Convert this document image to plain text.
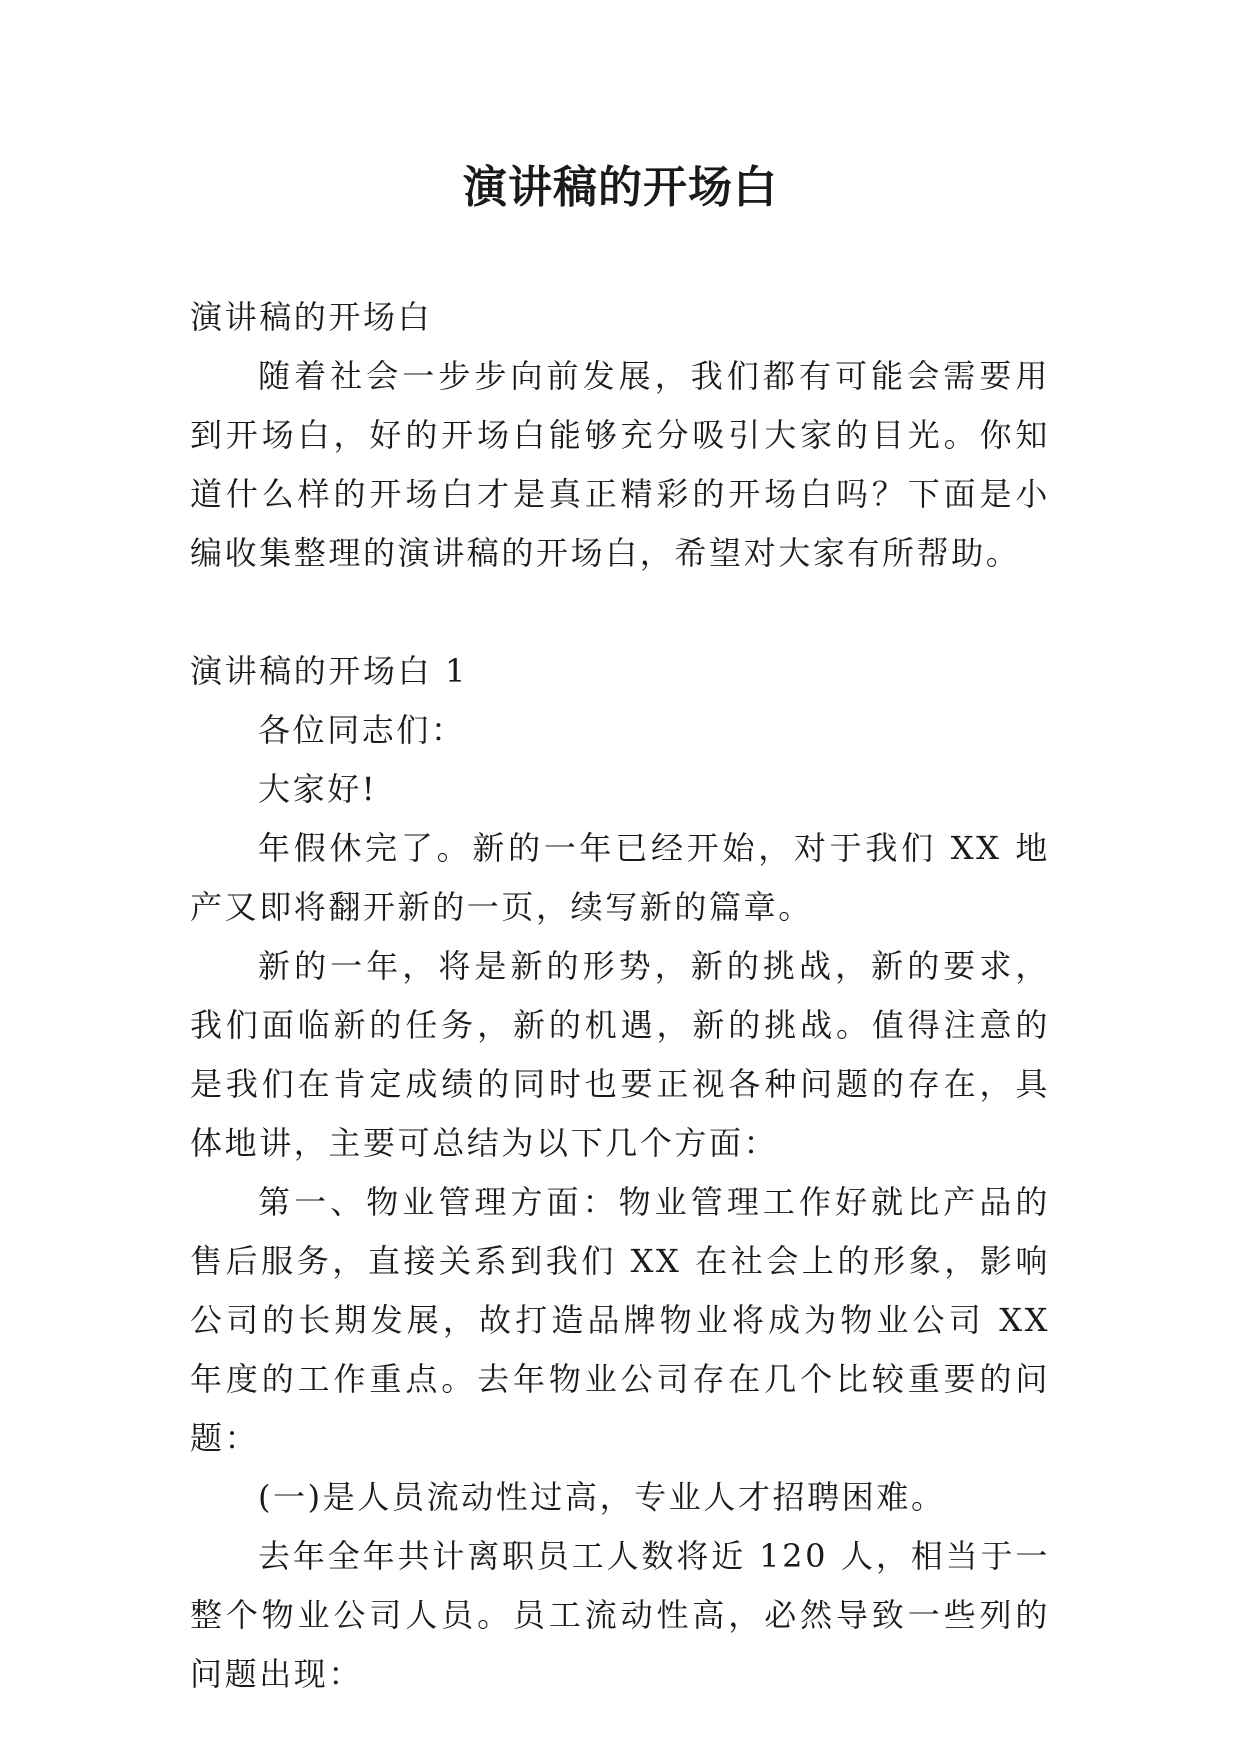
演讲稿的开场白

演讲稿的开场白

随着社会一步步向前发展，我们都有可能会需要用到开场白，好的开场白能够充分吸引大家的目光。你知道什么样的开场白才是真正精彩的开场白吗？下面是小编收集整理的演讲稿的开场白，希望对大家有所帮助。

演讲稿的开场白 1

各位同志们：

大家好!

年假休完了。新的一年已经开始，对于我们 XX 地产又即将翻开新的一页，续写新的篇章。

新的一年，将是新的形势，新的挑战，新的要求，我们面临新的任务，新的机遇，新的挑战。值得注意的是我们在肯定成绩的同时也要正视各种问题的存在，具体地讲，主要可总结为以下几个方面：

第一、物业管理方面：物业管理工作好就比产品的售后服务，直接关系到我们 XX 在社会上的形象，影响公司的长期发展，故打造品牌物业将成为物业公司 XX 年度的工作重点。去年物业公司存在几个比较重要的问题：

(一)是人员流动性过高，专业人才招聘困难。

去年全年共计离职员工人数将近 120 人，相当于一整个物业公司人员。员工流动性高，必然导致一些列的问题出现：
